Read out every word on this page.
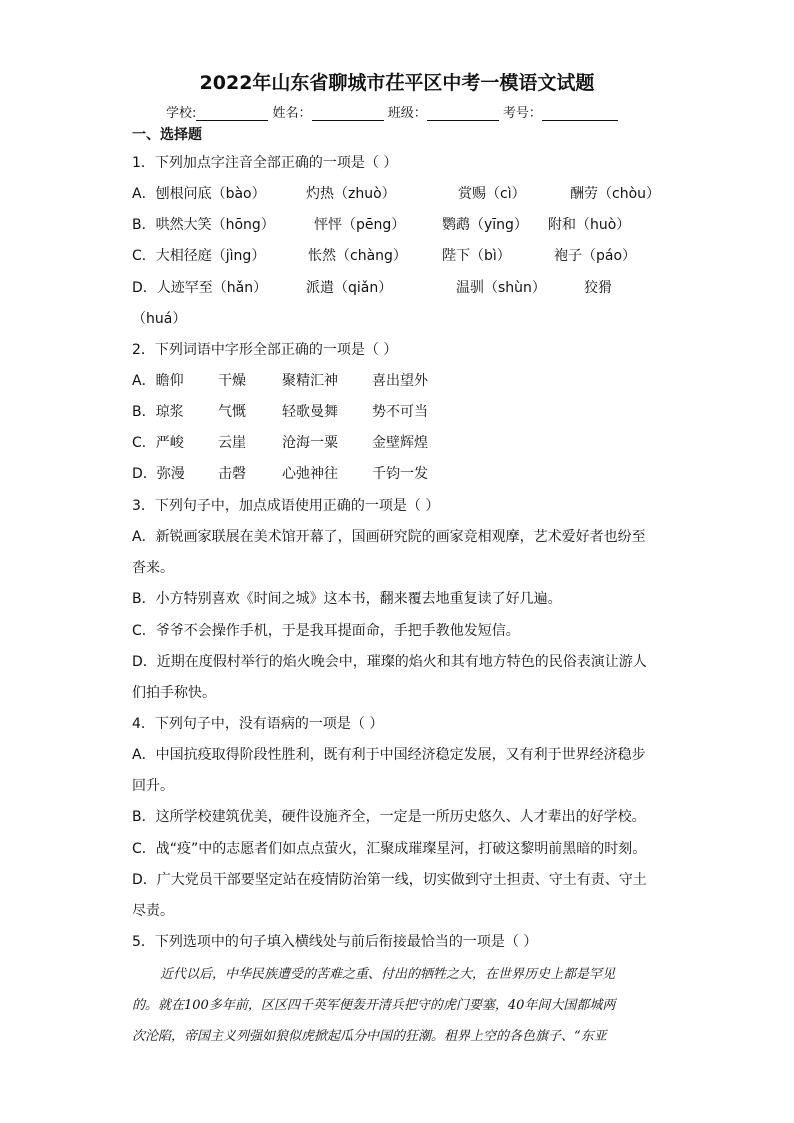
2022年山东省聊城市茌平区中考一模语文试题
学校:	姓名：	班级：	考号：
一、选择题
1．下列加点字注音全部正确的一项是（ ）
A．刨根问底（bào）	灼热（zhuò）	赏赐（cì）	酬劳（chòu）
B．哄然大笑（hōng）	怦怦（pēng）	鹦鹉（yīng） 附和（huò）
C．大相径庭（jìng）	怅然（chàng）	陛下（bì）	袍子（páo）
D．人迹罕至（hǎn）	派遣（qiǎn）	温驯（shùn）	狡猾
（huá）
2．下列词语中字形全部正确的一项是（ ）
A．瞻仰 干燥	聚精汇神 喜出望外
B．琼浆 气慨	轻歌曼舞 势不可当
C．严峻 云崖	沧海一粟 金壁辉煌
D．弥漫 击磬	心弛神往 千钧一发
3．下列句子中，加点成语使用正确的一项是（ ）
A．新锐画家联展在美术馆开幕了，国画研究院的画家竞相观摩，艺术爱好者也纷至
沓来。
B．小方特别喜欢《时间之城》这本书，翻来覆去地重复读了好几遍。
C．爷爷不会操作手机，于是我耳提面命，手把手教他发短信。
D．近期在度假村举行的焰火晚会中，璀璨的焰火和其有地方特色的民俗表演让游人
们拍手称快。
4．下列句子中，没有语病的一项是（ ）
A．中国抗疫取得阶段性胜利，既有利于中国经济稳定发展，又有利于世界经济稳步
回升。
B．这所学校建筑优美，硬件设施齐全，一定是一所历史悠久、人才辈出的好学校。
C．战“疫”中的志愿者们如点点萤火，汇聚成璀璨星河，打破这黎明前黑暗的时刻。
D．广大党员干部要坚定站在疫情防治第一线，切实做到守土担责、守土有责、守土
尽责。
5．下列选项中的句子填入横线处与前后衔接最恰当的一项是（ ）
近代以后，中华民族遭受的苦难之重、付出的牺牲之大，在世界历史上都是罕见
的。就在100多年前，区区四千英军便轰开清兵把守的虎门要塞，40年间大国都城两
次沦陷，帝国主义列强如狼似虎掀起瓜分中国的狂潮。租界上空的各色旗子、“东亚
